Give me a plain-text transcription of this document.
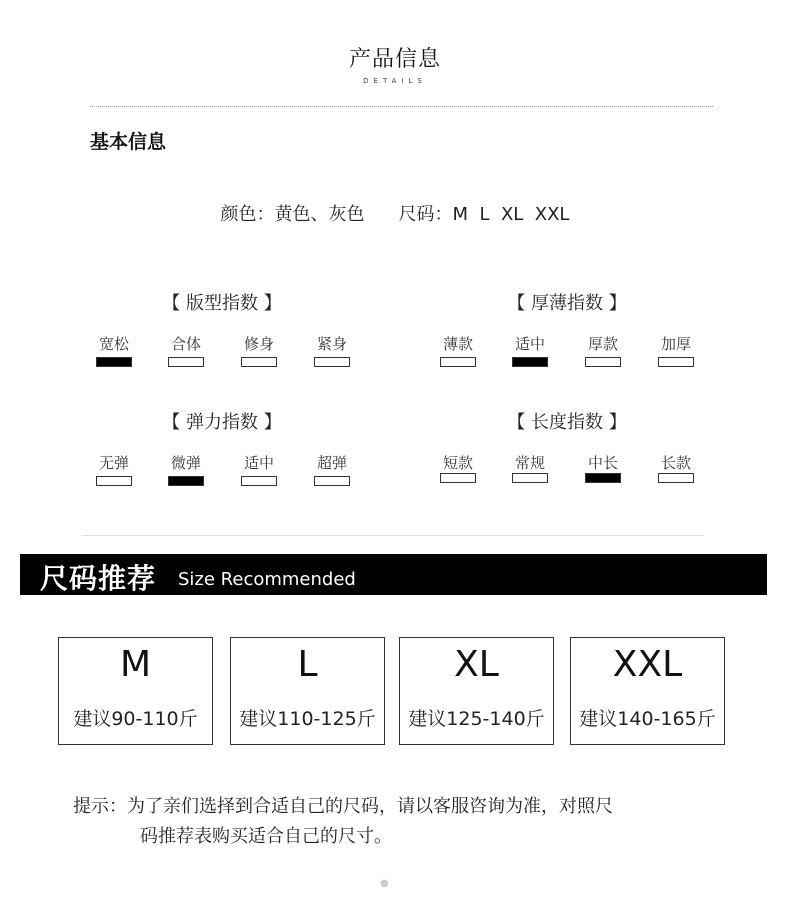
产品信息
DETAILS
基本信息
颜色：黄色、灰色 尺码：M  L  XL  XXL
【 版型指数 】
宽松	合体	修身	紧身
【 厚薄指数 】
薄款	适中	厚款	加厚
【 弹力指数 】
无弹	微弹	适中	超弹
【 长度指数 】
短款	常规	中长	长款
尺码推荐 Size Recommended
M
建议90-110斤
L
建议110-125斤
XL
建议125-140斤
XXL
建议140-165斤
提示：为了亲们选择到合适自己的尺码，请以客服咨询为准，对照尺
码推荐表购买适合自己的尺寸。
●
